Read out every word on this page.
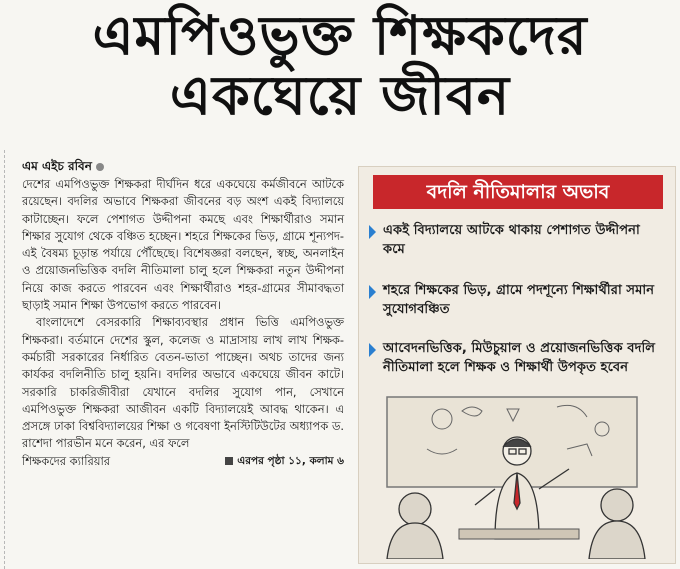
এমপিওভুক্ত শিক্ষকদের
একঘেয়ে জীবন
এম এইচ রবিন

দেশের এমপিওভুক্ত শিক্ষকরা দীর্ঘদিন ধরে একঘেয়ে কর্মজীবনে আটকে রয়েছেন। বদলির অভাবে শিক্ষকরা জীবনের বড় অংশ একই বিদ্যালয়ে কাটাচ্ছেন। ফলে পেশাগত উদ্দীপনা কমছে এবং শিক্ষার্থীরাও সমান শিক্ষার সুযোগ থেকে বঞ্চিত হচ্ছেন। শহরে শিক্ষকের ভিড়, গ্রামে শূন্যপদ- এই বৈষম্য চূড়ান্ত পর্যায়ে পৌঁছেছে। বিশেষজ্ঞরা বলছেন, স্বচ্ছ, অনলাইন ও প্রয়োজনভিত্তিক বদলি নীতিমালা চালু হলে শিক্ষকরা নতুন উদ্দীপনা নিয়ে কাজ করতে পারবেন এবং শিক্ষার্থীরাও শহর-গ্রামের সীমাবদ্ধতা ছাড়াই সমান শিক্ষা উপভোগ করতে পারবেন।

বাংলাদেশে বেসরকারি শিক্ষাব্যবস্থার প্রধান ভিত্তি এমপিওভুক্ত শিক্ষকরা। বর্তমানে দেশের স্কুল, কলেজ ও মাদ্রাসায় লাখ লাখ শিক্ষক-কর্মচারী সরকারের নির্ধারিত বেতন-ভাতা পাচ্ছেন। অথচ তাদের জন্য কার্যকর বদলিনীতি চালু হয়নি। বদলির অভাবে একঘেয়ে জীবন কাটে। সরকারি চাকরিজীবীরা যেখানে বদলির সুযোগ পান, সেখানে এমপিওভুক্ত শিক্ষকরা আজীবন একটি বিদ্যালয়েই আবদ্ধ থাকেন। এ প্রসঙ্গে ঢাকা বিশ্ববিদ্যালয়ের শিক্ষা ও গবেষণা ইনস্টিটিউটের অধ্যাপক ড. রাশেদা পারভীন মনে করেন, এর ফলে

শিক্ষকদের ক্যারিয়ার	এরপর পৃষ্ঠা ১১, কলাম ৬
বদলি নীতিমালার অভাব
একই বিদ্যালয়ে আটকে থাকায় পেশাগত উদ্দীপনা কমে
শহরে শিক্ষকের ভিড়, গ্রামে পদশূন্যে শিক্ষার্থীরা সমান সুযোগবঞ্চিত
আবেদনভিত্তিক, মিউচুয়াল ও প্রয়োজনভিত্তিক বদলি নীতিমালা হলে শিক্ষক ও শিক্ষার্থী উপকৃত হবেন
